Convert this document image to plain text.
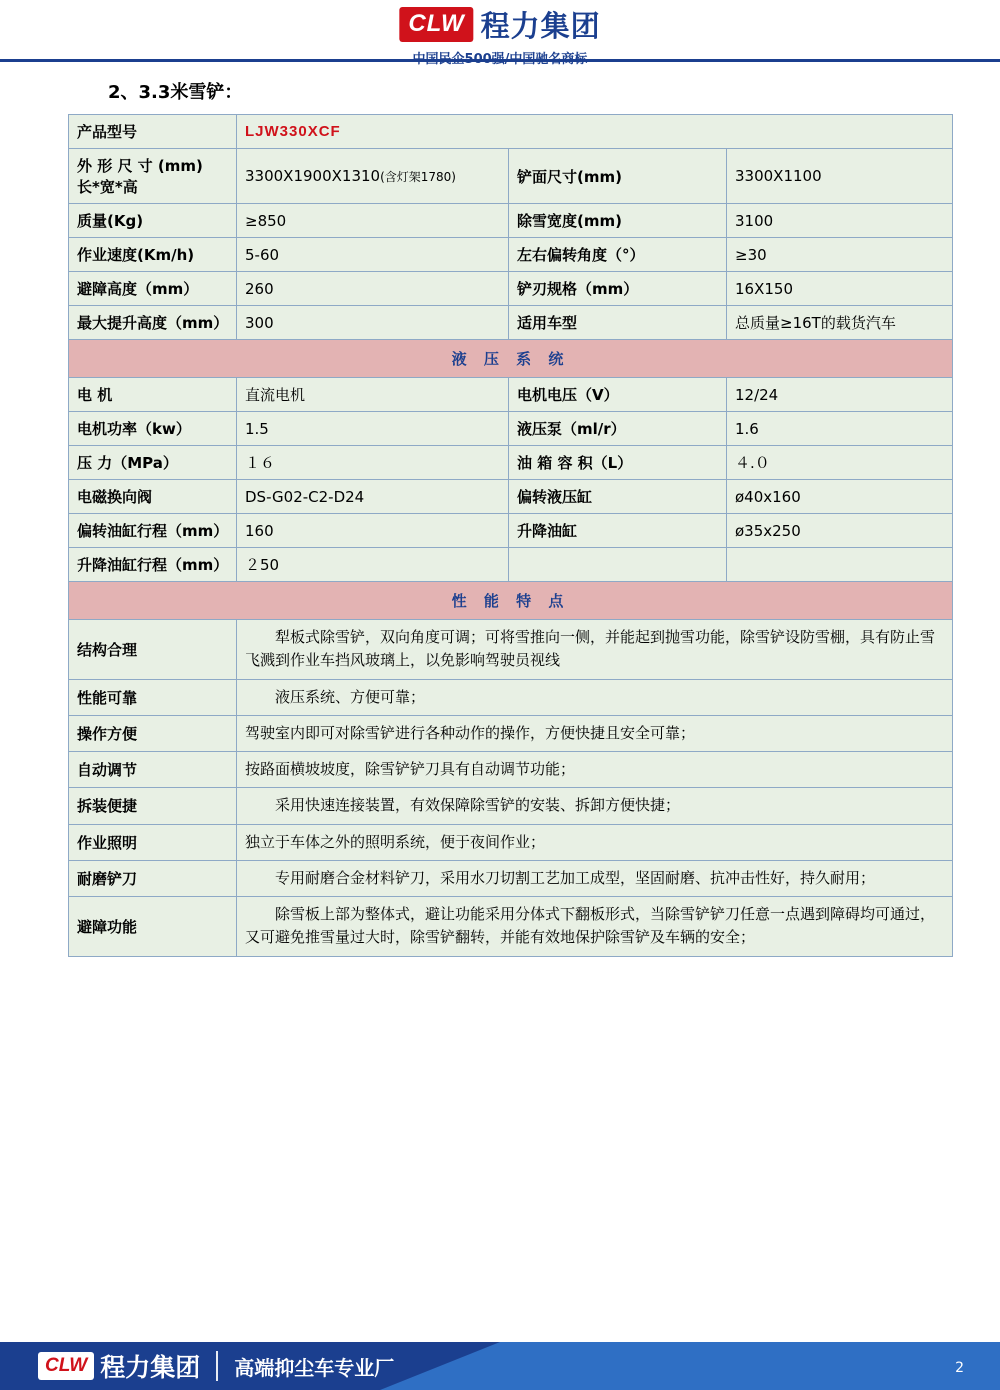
CLW 程力集团
中国民企500强/中国驰名商标
2、3.3米雪铲：
产品型号	LJW330XCF		

外 形 尺 寸 (mm)
长*宽*高	3300X1900X1310(含灯架1780)	铲面尺寸(mm)	3300X1100
质量(Kg)	≥850	除雪宽度(mm)	3100
作业速度(Km/h)	5-60	左右偏转角度（°）	≥30
避障高度（mm）	260	铲刃规格（mm）	16X150
最大提升高度（mm）	300	适用车型	总质量≥16T的载货汽车
液 压 系 统			
电 机	直流电机	电机电压（V）	12/24
电机功率（kw）	1.5	液压泵（ml/r）	1.6
压 力（MPa）	１６	油 箱 容 积（L）	４.０
电磁换向阀	DS-G02-C2-D24	偏转液压缸	ø40x160
偏转油缸行程（mm）	160	升降油缸	ø35x250
升降油缸行程（mm）	２50		
性 能 特 点			
结构合理	犁板式除雪铲，双向角度可调；可将雪推向一侧，并能起到抛雪功能，除雪铲设防雪棚，具有防止雪飞溅到作业车挡风玻璃上，以免影响驾驶员视线		

性能可靠	液压系统、方便可靠；		

操作方便	驾驶室内即可对除雪铲进行各种动作的操作，方便快捷且安全可靠；		
自动调节	按路面横坡坡度，除雪铲铲刀具有自动调节功能；		
拆装便捷	采用快速连接装置，有效保障除雪铲的安装、拆卸方便快捷；		

作业照明	独立于车体之外的照明系统，便于夜间作业；		
耐磨铲刀	专用耐磨合金材料铲刀，采用水刀切割工艺加工成型，坚固耐磨、抗冲击性好，持久耐用；		

避障功能	除雪板上部为整体式，避让功能采用分体式下翻板形式，当除雪铲铲刀任意一点遇到障碍均可通过，又可避免推雪量过大时，除雪铲翻转，并能有效地保护除雪铲及车辆的安全；		
CLW 程力集团 高端抑尘车专业厂	2
